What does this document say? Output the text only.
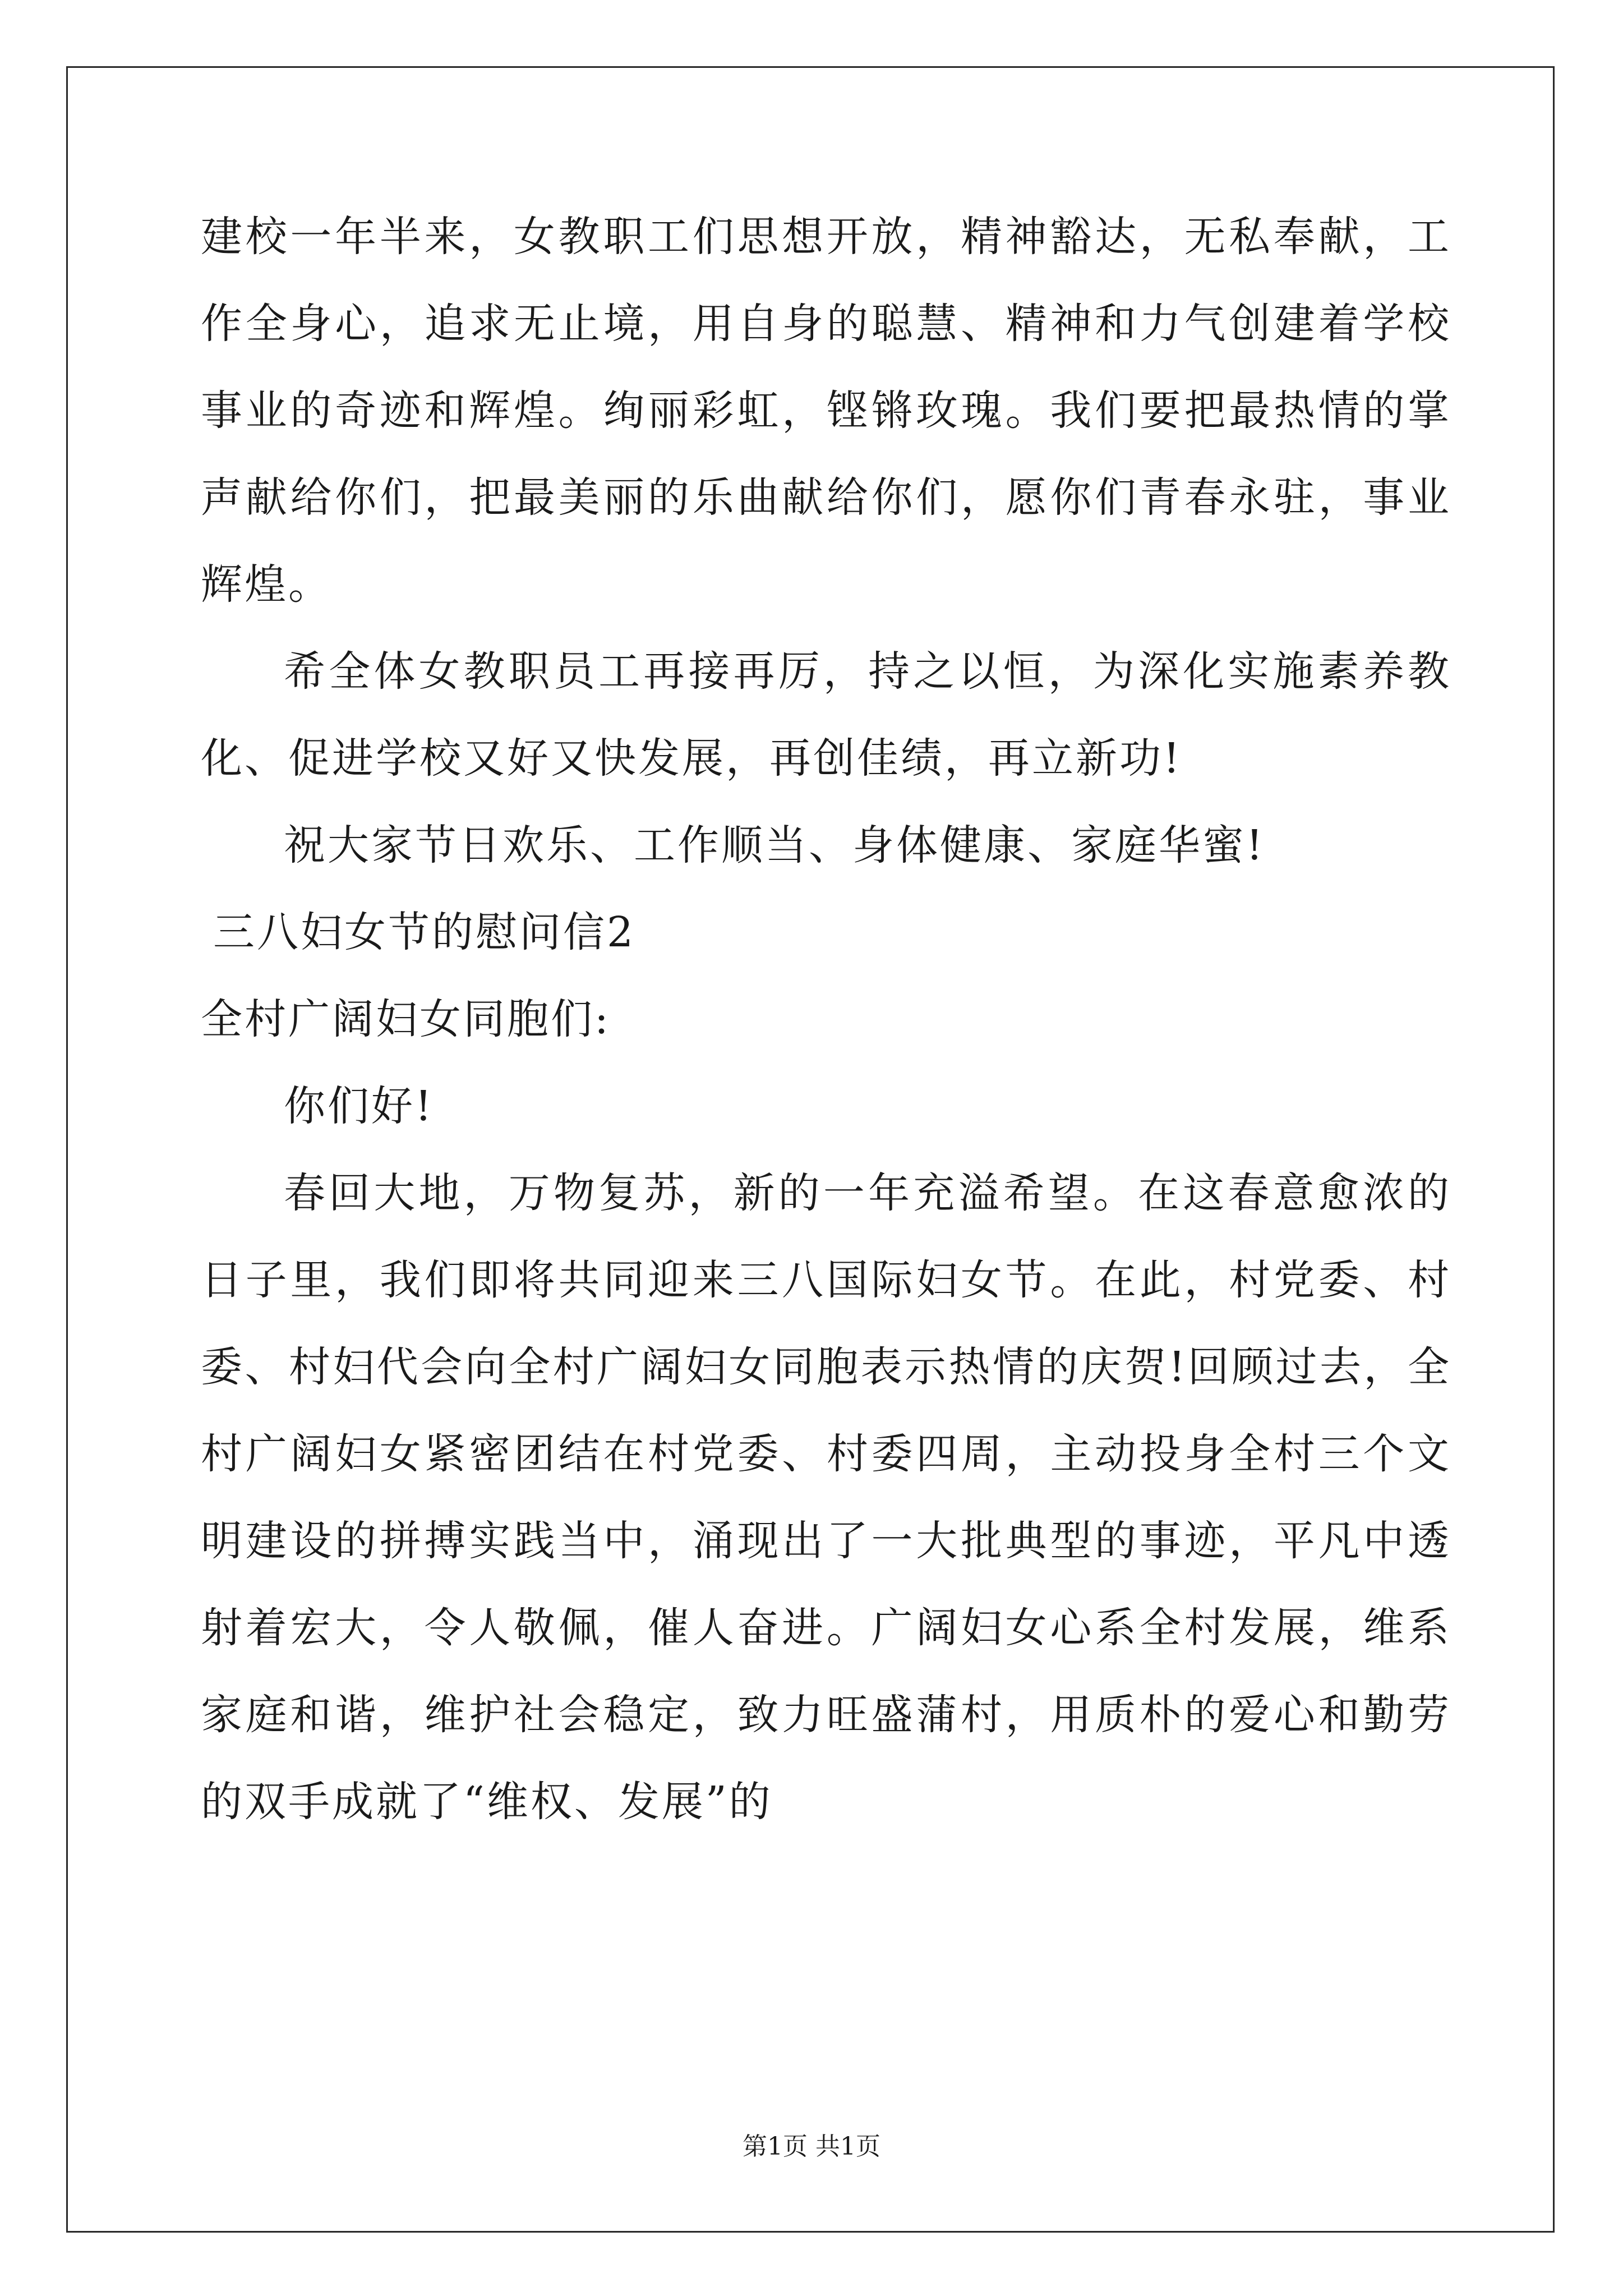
建校一年半来，女教职工们思想开放，精神豁达，无私奉献，工作全身心，追求无止境，用自身的聪慧、精神和力气创建着学校事业的奇迹和辉煌。绚丽彩虹，铿锵玫瑰。我们要把最热情的掌声献给你们，把最美丽的乐曲献给你们，愿你们青春永驻，事业辉煌。

希全体女教职员工再接再厉，持之以恒，为深化实施素养教化、促进学校又好又快发展，再创佳绩，再立新功!

祝大家节日欢乐、工作顺当、身体健康、家庭华蜜!

三八妇女节的慰问信2

全村广阔妇女同胞们:

你们好!

春回大地，万物复苏，新的一年充溢希望。在这春意愈浓的日子里，我们即将共同迎来三八国际妇女节。在此，村党委、村委、村妇代会向全村广阔妇女同胞表示热情的庆贺!回顾过去，全村广阔妇女紧密团结在村党委、村委四周，主动投身全村三个文明建设的拼搏实践当中，涌现出了一大批典型的事迹，平凡中透射着宏大，令人敬佩，催人奋进。广阔妇女心系全村发展，维系家庭和谐，维护社会稳定，致力旺盛蒲村，用质朴的爱心和勤劳的双手成就了“维权、发展”的

第1页 共1页
